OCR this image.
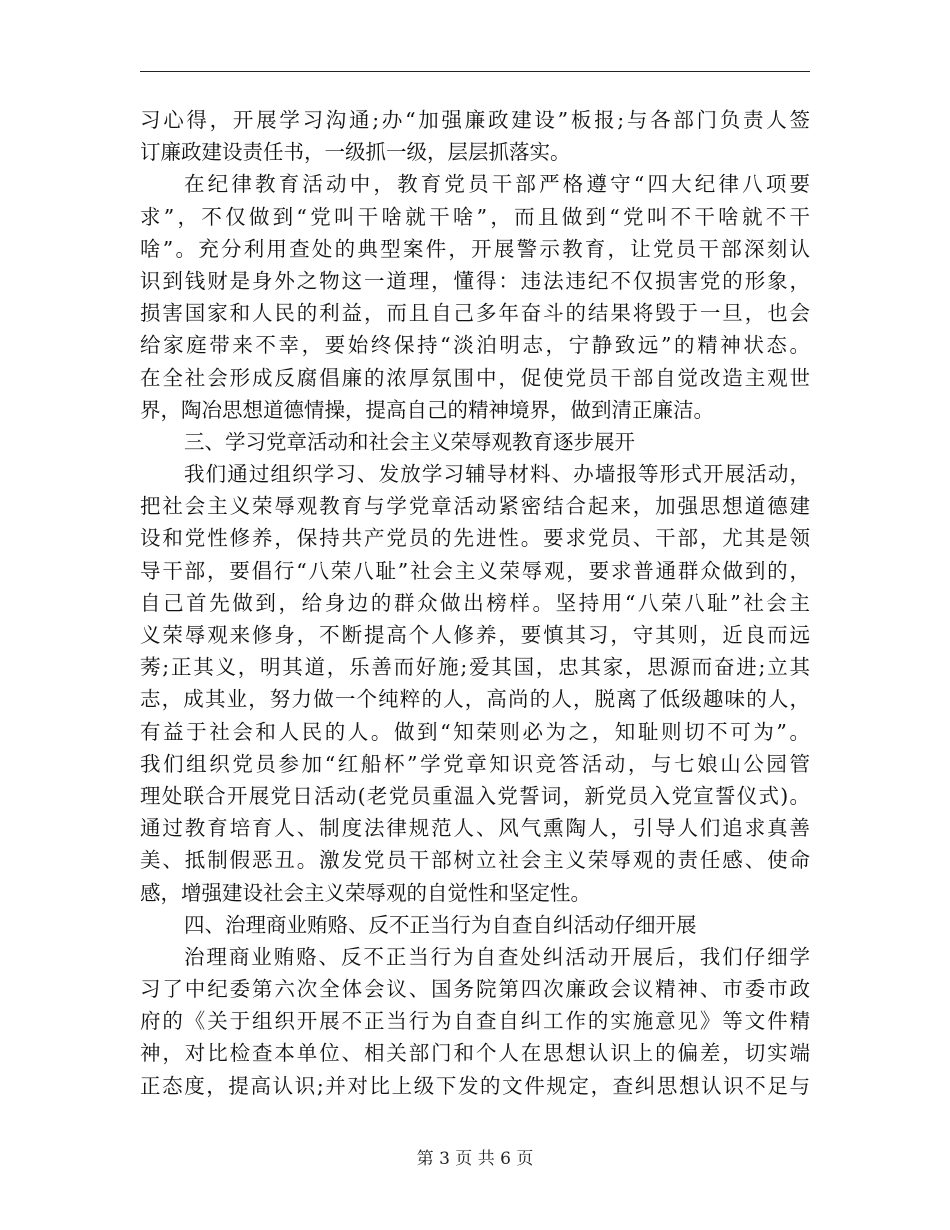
习心得，开展学习沟通;办“加强廉政建设”板报;与各部门负责人签
订廉政建设责任书，一级抓一级，层层抓落实。
在纪律教育活动中，教育党员干部严格遵守“四大纪律八项要
求”，不仅做到“党叫干啥就干啥”，而且做到“党叫不干啥就不干
啥”。充分利用查处的典型案件，开展警示教育，让党员干部深刻认
识到钱财是身外之物这一道理，懂得：违法违纪不仅损害党的形象，
损害国家和人民的利益，而且自己多年奋斗的结果将毁于一旦，也会
给家庭带来不幸，要始终保持“淡泊明志，宁静致远”的精神状态。
在全社会形成反腐倡廉的浓厚氛围中，促使党员干部自觉改造主观世
界，陶冶思想道德情操，提高自己的精神境界，做到清正廉洁。
三、学习党章活动和社会主义荣辱观教育逐步展开
我们通过组织学习、发放学习辅导材料、办墙报等形式开展活动，
把社会主义荣辱观教育与学党章活动紧密结合起来，加强思想道德建
设和党性修养，保持共产党员的先进性。要求党员、干部，尤其是领
导干部，要倡行“八荣八耻”社会主义荣辱观，要求普通群众做到的，
自己首先做到，给身边的群众做出榜样。坚持用“八荣八耻”社会主
义荣辱观来修身，不断提高个人修养，要慎其习，守其则，近良而远
莠;正其义，明其道，乐善而好施;爱其国，忠其家，思源而奋进;立其
志，成其业，努力做一个纯粹的人，高尚的人，脱离了低级趣味的人，
有益于社会和人民的人。做到“知荣则必为之，知耻则切不可为”。
我们组织党员参加“红船杯”学党章知识竞答活动，与七娘山公园管
理处联合开展党日活动(老党员重温入党誓词，新党员入党宣誓仪式)。
通过教育培育人、制度法律规范人、风气熏陶人，引导人们追求真善
美、抵制假恶丑。激发党员干部树立社会主义荣辱观的责任感、使命
感，增强建设社会主义荣辱观的自觉性和坚定性。
四、治理商业贿赂、反不正当行为自查自纠活动仔细开展
治理商业贿赂、反不正当行为自查处纠活动开展后，我们仔细学
习了中纪委第六次全体会议、国务院第四次廉政会议精神、市委市政
府的《关于组织开展不正当行为自查自纠工作的实施意见》等文件精
神，对比检查本单位、相关部门和个人在思想认识上的偏差，切实端
正态度，提高认识;并对比上级下发的文件规定，查纠思想认识不足与
第 3 页 共 6 页
